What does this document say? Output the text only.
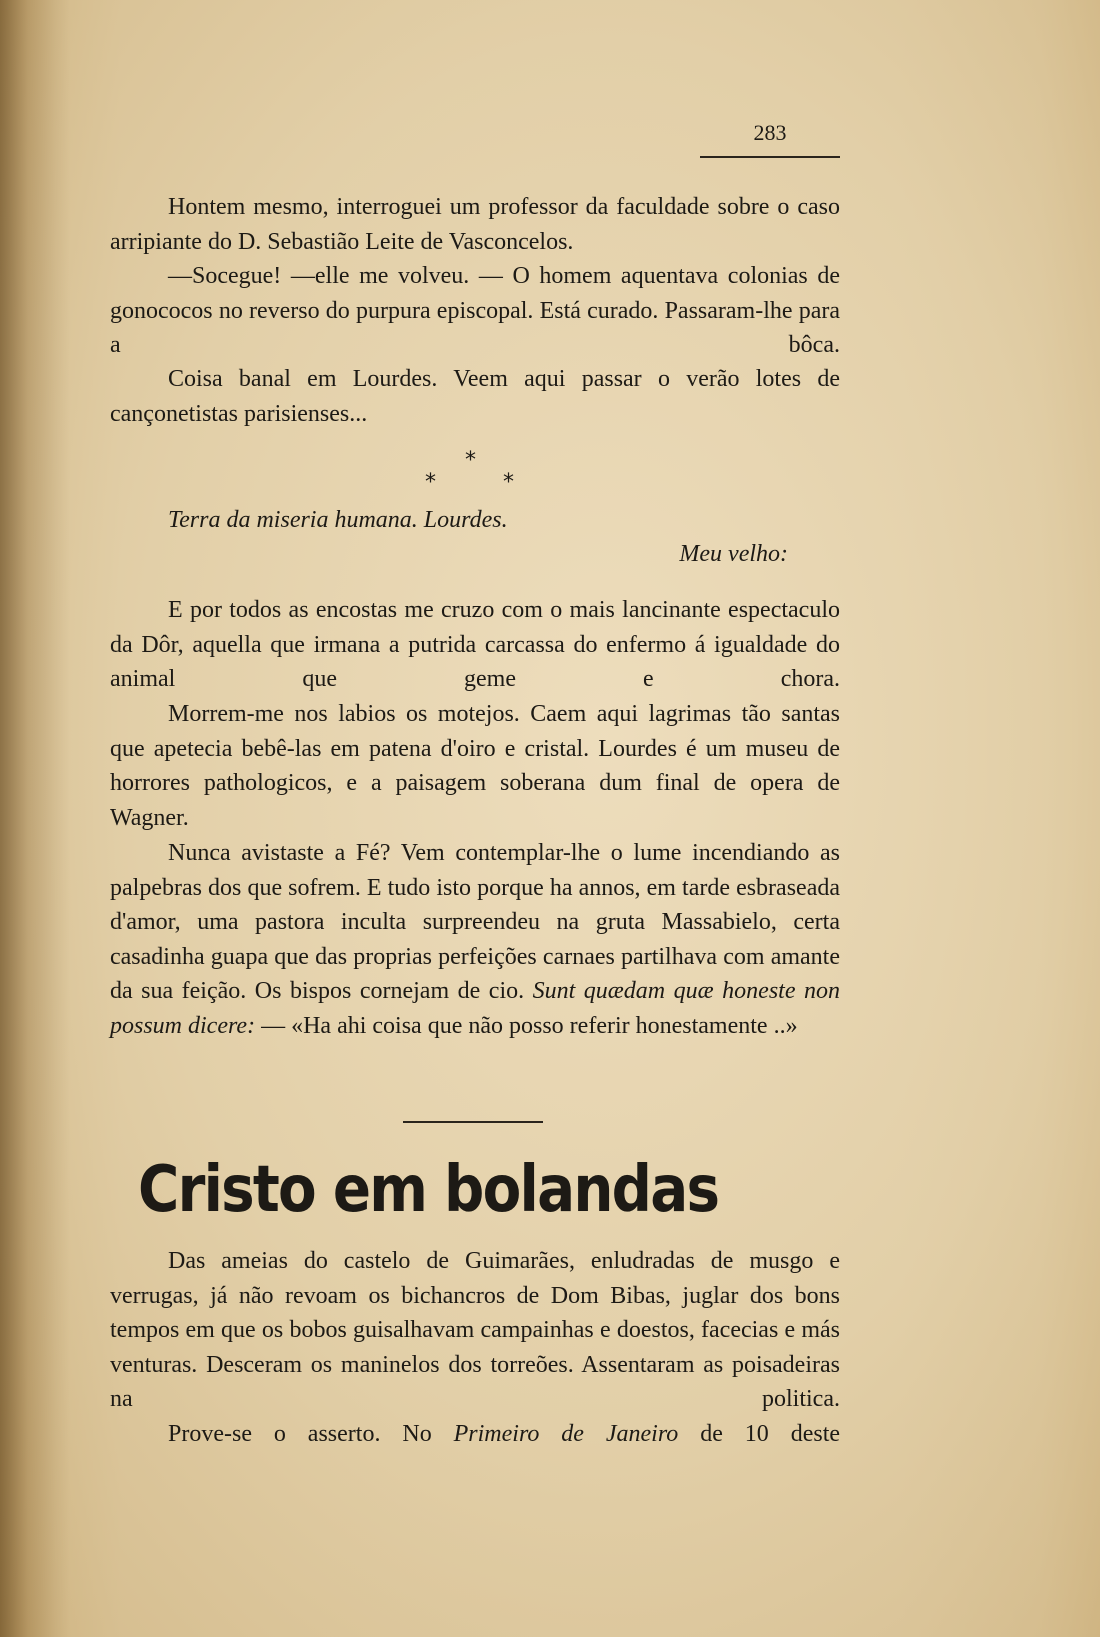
283

Hontem mesmo, interroguei um professor da faculdade sobre o caso arripiante do D. Sebastião Leite de Vasconcelos.

—Socegue! —elle me volveu. — O homem aquentava colonias de gonococos no reverso do purpura episcopal. Está curado. Passaram-lhe para a bôca.

Coisa banal em Lourdes. Veem aqui passar o verão lotes de cançonetistas parisienses...

*
*	*

Terra da miseria humana. Lourdes.

Meu velho:

E por todos as encostas me cruzo com o mais lancinante espectaculo da Dôr, aquella que irmana a putrida carcassa do enfermo á igualdade do animal que geme e chora.

Morrem-me nos labios os motejos. Caem aqui lagrimas tão santas que apetecia bebê-las em patena d'oiro e cristal. Lourdes é um museu de horrores pathologicos, e a paisagem soberana dum final de opera de Wagner.

Nunca avistaste a Fé? Vem contemplar-lhe o lume incendiando as palpebras dos que sofrem. E tudo isto porque ha annos, em tarde esbraseada d'amor, uma pastora inculta surpreendeu na gruta Massabielo, certa casadinha guapa que das proprias perfeições carnaes partilhava com amante da sua feição. Os bispos cornejam de cio. Sunt quædam quæ honeste non possum dicere: — «Ha ahi coisa que não posso referir honestamente ..»

Cristo em bolandas

Das ameias do castelo de Guimarães, enludradas de musgo e verrugas, já não revoam os bichancros de Dom Bibas, juglar dos bons tempos em que os bobos guisalhavam campainhas e doestos, facecias e más venturas. Desceram os maninelos dos torreões. Assentaram as poisadeiras na politica.

Prove-se o asserto. No Primeiro de Janeiro de 10 deste
